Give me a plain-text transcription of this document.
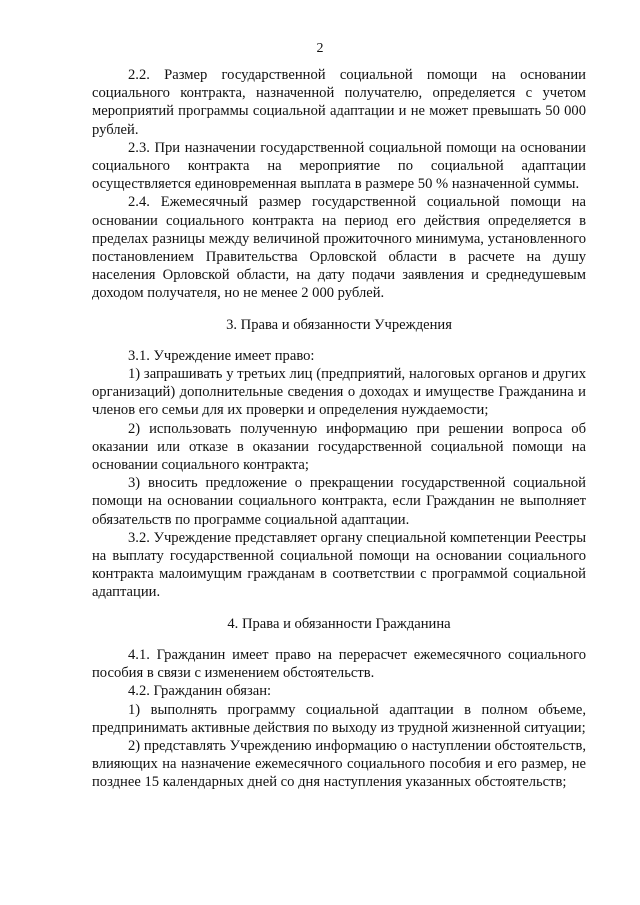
2

2.2. Размер государственной социальной помощи на основании социального контракта, назначенной получателю, определяется с учетом мероприятий программы социальной адаптации и не может превышать 50 000 рублей.

2.3. При назначении государственной социальной помощи на основании социального контракта на мероприятие по социальной адаптации осуществляется единовременная выплата в размере 50 % назначенной суммы.

2.4. Ежемесячный размер государственной социальной помощи на основании социального контракта на период его действия определяется в пределах разницы между величиной прожиточного минимума, установленного постановлением Правительства Орловской области в расчете на душу населения Орловской области, на дату подачи заявления и среднедушевым доходом получателя, но не менее 2 000 рублей.

3. Права и обязанности Учреждения

3.1. Учреждение имеет право:

1) запрашивать у третьих лиц (предприятий, налоговых органов и других организаций) дополнительные сведения о доходах и имуществе Гражданина и членов его семьи для их проверки и определения нуждаемости;

2) использовать полученную информацию при решении вопроса об оказании или отказе в оказании государственной социальной помощи на основании социального контракта;

3) вносить предложение о прекращении государственной социальной помощи на основании социального контракта, если Гражданин не выполняет обязательств по программе социальной адаптации.

3.2. Учреждение представляет органу специальной компетенции Реестры на выплату государственной социальной помощи на основании социального контракта малоимущим гражданам в соответствии с программой социальной адаптации.

4. Права и обязанности Гражданина

4.1. Гражданин имеет право на перерасчет ежемесячного социального пособия в связи с изменением обстоятельств.

4.2. Гражданин обязан:

1) выполнять программу социальной адаптации в полном объеме, предпринимать активные действия по выходу из трудной жизненной ситуации;

2) представлять Учреждению информацию о наступлении обстоятельств, влияющих на назначение ежемесячного социального пособия и его размер, не позднее 15 календарных дней со дня наступления указанных обстоятельств;
